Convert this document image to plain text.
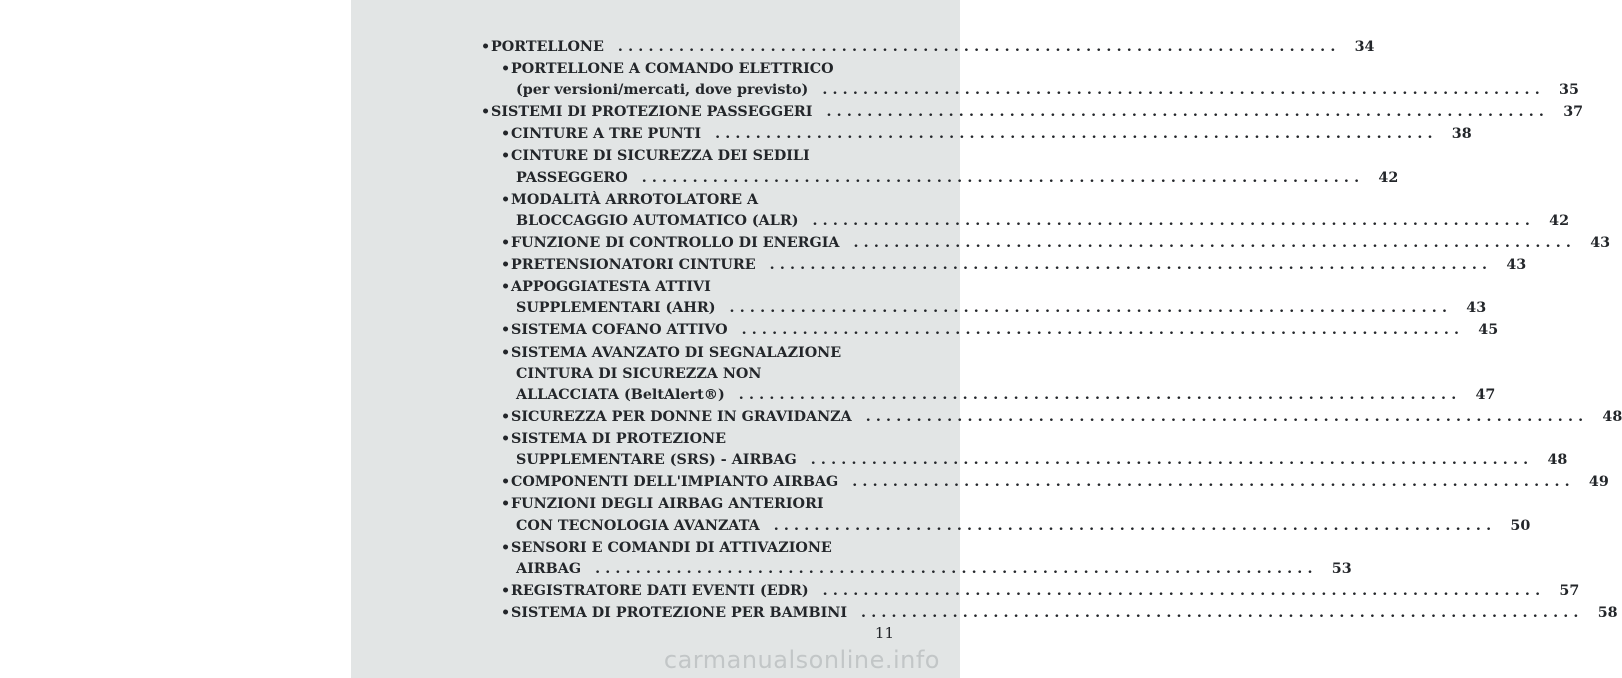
• PORTELLONE ....................................................................... 34
• PORTELLONE A COMANDO ELETTRICO
(per versioni/mercati, dove previsto) ....................................................................... 35
• SISTEMI DI PROTEZIONE PASSEGGERI ....................................................................... 37
• CINTURE A TRE PUNTI ....................................................................... 38
• CINTURE DI SICUREZZA DEI SEDILI
PASSEGGERO ....................................................................... 42
• MODALITÀ ARROTOLATORE A
BLOCCAGGIO AUTOMATICO (ALR) ....................................................................... 42
• FUNZIONE DI CONTROLLO DI ENERGIA ....................................................................... 43
• PRETENSIONATORI CINTURE ....................................................................... 43
• APPOGGIATESTA ATTIVI
SUPPLEMENTARI (AHR) ....................................................................... 43
• SISTEMA COFANO ATTIVO ....................................................................... 45
• SISTEMA AVANZATO DI SEGNALAZIONE
CINTURA DI SICUREZZA NON
ALLACCIATA (BeltAlert®) ....................................................................... 47
• SICUREZZA PER DONNE IN GRAVIDANZA ....................................................................... 48
• SISTEMA DI PROTEZIONE
SUPPLEMENTARE (SRS) - AIRBAG ....................................................................... 48
• COMPONENTI DELL'IMPIANTO AIRBAG ....................................................................... 49
• FUNZIONI DEGLI AIRBAG ANTERIORI
CON TECNOLOGIA AVANZATA ....................................................................... 50
• SENSORI E COMANDI DI ATTIVAZIONE
AIRBAG ....................................................................... 53
• REGISTRATORE DATI EVENTI (EDR) ....................................................................... 57
• SISTEMA DI PROTEZIONE PER BAMBINI ....................................................................... 58
11
carmanualsonline.info
